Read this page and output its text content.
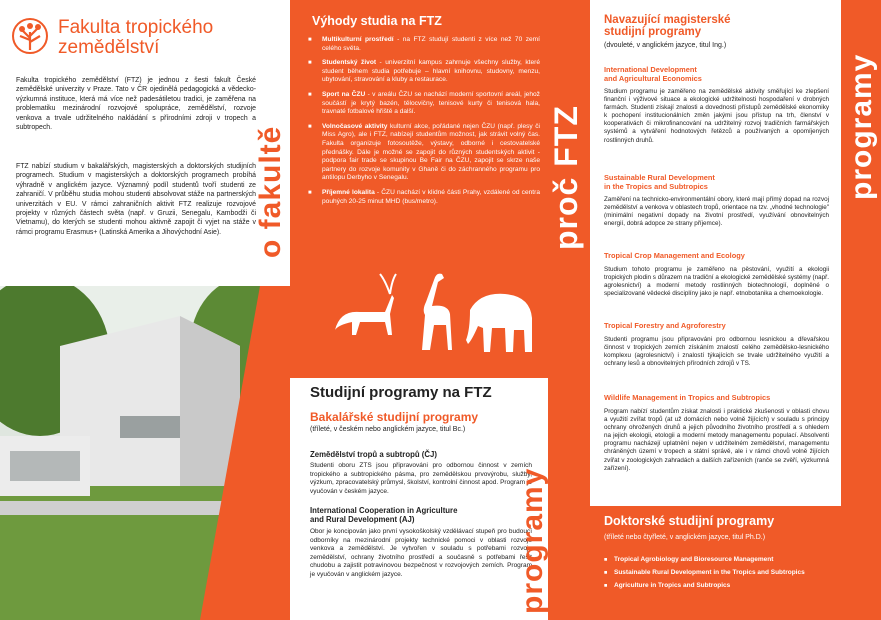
Fakulta tropického
zemědělství
Fakulta tropického zemědělství (FTZ) je jednou z šesti fakult České zemědělské univerzity v Praze. Tato v ČR ojedinělá pedagogická a vědecko-výzkumná instituce, která má více než padesátiletou tradici, je zaměřena na problematiku mezinárodní rozvojové spolupráce, zemědělství, rozvoje venkova a trvale udržitelného nakládání s přírodními zdroji v tropech a subtropech.
FTZ nabízí studium v bakalářských, magisterských a doktorských studijních programech. Studium v magisterských a doktorských programech probíhá výhradně v anglickém jazyce. Významný podíl studentů tvoří studenti ze zahraničí. V průběhu studia mohou studenti absolvovat stáže na partnerských univerzitách v EU. V rámci zahraničních aktivit FTZ realizuje rozvojové projekty v různých částech světa (např. v Gruzii, Senegalu, Kambodži či Vietnamu), do kterých se studenti mohou aktivně zapojit či vyjet na stáže v rámci programu Erasmus+ (Latinská Amerika a Jihovýchodní Asie).	o fakultě
Výhody studia na FTZ
■ Multikulturní prostředí - na FTZ studují studenti z více než 70 zemí celého světa.
■ Studentský život - univerzitní kampus zahrnuje všechny služby, které student během studia potřebuje – hlavní knihovnu, studovny, menzu, ubytování, stravování a kluby a restaurace.
■ Sport na ČZU - v areálu ČZU se nachází moderní sportovní areál, jehož součástí je krytý bazén, tělocvičny, tenisové kurty či tenisová hala, travnaté fotbalové hřiště a další.
■ Volnočasové aktivity kulturní akce, pořádané nejen ČZU (např. plesy či Miss Agro), ale i FTZ, nabízejí studentům možnost, jak strávit volný čas. Fakulta organizuje fotosoutěže, výstavy, odborné i cestovatelské přednášky. Dále je možné se zapojit do různých studentských aktivit - podpora fair trade se skupinou Be Fair na ČZU, zapojit se skrze naše partnery do rozvoje komunity v Ghaně či do záchranného programu pro antilopu Derbyho v Senegalu.
■ Příjemné lokalita - ČZU nachází v klidné části Prahy, vzdálené od centra pouhých 20-25 minut MHD (bus/metro).	proč FTZ
Studijní programy na FTZ
Bakalářské studijní programy
(tříleté, v českém nebo anglickém jazyce, titul Bc.)
Zemědělství tropů a subtropů (ČJ)
Studenti oboru ZTS jsou připravováni pro odbornou činnost v zemích tropického a subtropického pásma, pro zemědělskou prvovýrobu, služby, výzkum, zpracovatelský průmysl, školství, kontrolní činnost apod. Program je vyučován v českém jazyce.
International Cooperation in Agriculture
and Rural Development (AJ)
Obor je koncipován jako první vysokoškolský vzdělávací stupeň pro budoucí odborníky na mezinárodní projekty technické pomoci v oblasti rozvoje venkova a zemědělství. Je vytvořen v souladu s potřebami rozvoje zemědělství, ochrany životního prostředí a současně s potřebami řešit chudobu a zajistit potravinovou bezpečnost v rozvojových zemích. Program je vyučován v anglickém jazyce.	programy
Navazující magisterské
studijní programy
(dvouleté, v anglickém jazyce, titul Ing.)
International Development
and Agricultural Economics
Studium programu je zaměřeno na zemědělské aktivity směřující ke zlepšení finanční i výživové situace a ekologické udržitelnosti hospodaření v drobných farmách. Studenti získají znalosti a dovednosti přístupů zemědělské ekonomiky k pochopení institucionálních změn jakými jsou přístup na trh, členství v kooperativách či mikrofinancování na udržitelný rozvoj tradičních farmářských systémů a vytváření hodnotových řetězců a používaných a opomíjených rostlinných druhů.
Sustainable Rural Development
in the Tropics and Subtropics
Zaměření na technicko-environmentální obory, které mají přímý dopad na rozvoj zemědělství a venkova v oblastech tropů, orientace na tzv. „vhodné technologie" (minimální negativní dopady na životní prostředí, využívání obnovitelných energií, dobrá adopce ze strany příjemce).
Tropical Crop Management and Ecology
Studium tohoto programu je zaměřeno na pěstování, využití a ekologii tropických plodin s důrazem na tradiční a ekologické zemědělské systémy (např. agrolesnictví) a moderní metody rostlinných biotechnologií, doplněné o specializované vědecké disciplíny jako je např. etnobotanika a chemoekologie.
Tropical Forestry and Agroforestry
Studenti programu jsou připravováni pro odbornou lesnickou a dřevařskou činnost v tropických zemích získáním znalostí celého zemědělsko-lesnického komplexu (agrolesnictví) i znalostí týkajících se trvale udržitelného využití a ochrany lesů a obnovitelných přírodních zdrojů v TS.
Wildlife Management in Tropics and Subtropics
Program nabízí studentům získat znalosti i praktické zkušenosti v oblasti chovu a využití zvířat tropů (at už domácích nebo volně žijících) v souladu s principy ochrany ohrožených druhů a jejich původního životního prostředí a s ohledem na jejich ekologii, etologii a moderní metody managementu populací. Absolventi programu nacházejí uplatnění nejen v udržitelném zemědělství, managementu chráněných území v tropech a státní správě, ale i v rámci chovů volně žijících zvířat v zoologických zahradách a dalších zařízeních (ranče se zvěří, výzkumná zařízení).
programy
Doktorské studijní programy
(tříleté nebo čtyřleté, v anglickém jazyce, titul Ph.D.)
■ Tropical Agrobiology and Bioresource Management
■ Sustainable Rural Development in the Tropics and Subtropics
■ Agriculture in Tropics and Subtropics
